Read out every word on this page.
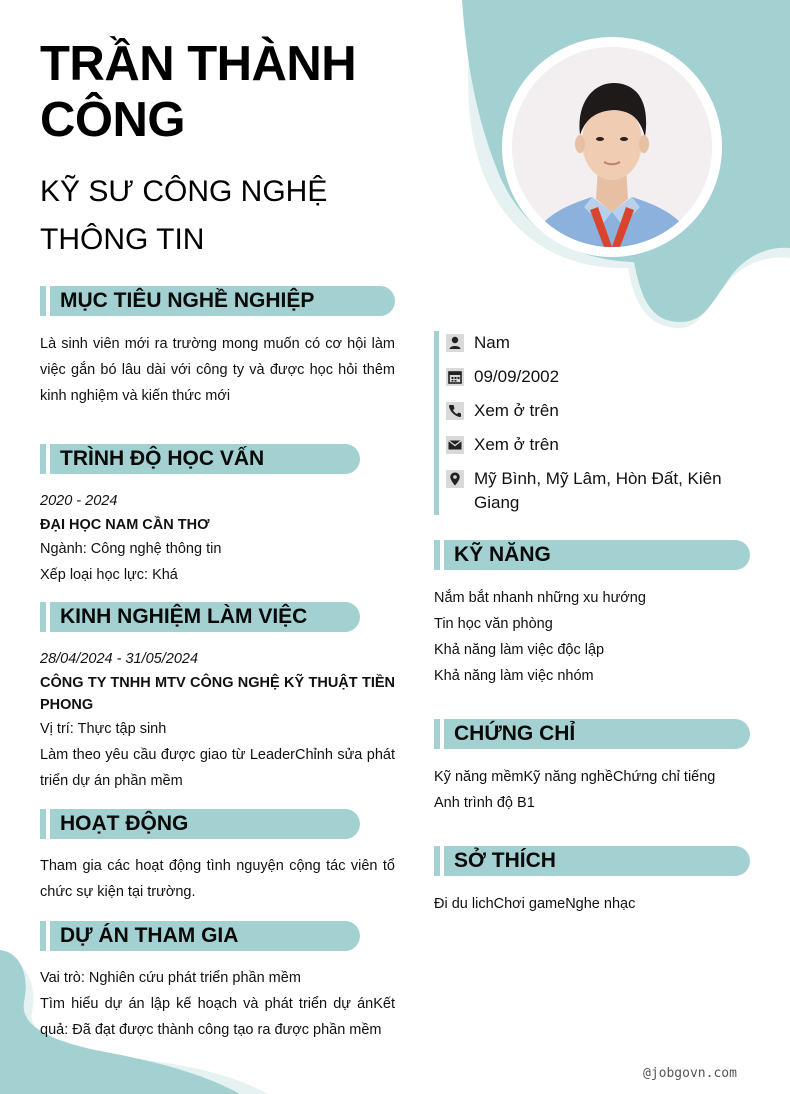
TRẦN THÀNH
CÔNG
KỸ SƯ CÔNG NGHỆ
THÔNG TIN
MỤC TIÊU NGHỀ NGHIỆP
Là sinh viên mới ra trường mong muốn có cơ hội làm việc gắn bó lâu dài với công ty và được học hỏi thêm kinh nghiệm và kiến thức mới
TRÌNH ĐỘ HỌC VẤN
2020 - 2024
ĐẠI HỌC NAM CẦN THƠ
Ngành: Công nghệ thông tin
Xếp loại học lực: Khá
KINH NGHIỆM LÀM VIỆC
28/04/2024 - 31/05/2024
CÔNG TY TNHH MTV CÔNG NGHỆ KỸ THUẬT TIỀN PHONG
Vị trí: Thực tập sinh
Làm theo yêu cầu được giao từ LeaderChỉnh sửa phát triển dự án phần mềm
HOẠT ĐỘNG
Tham gia các hoạt động tình nguyện cộng tác viên tổ chức sự kiện tại trường.
DỰ ÁN THAM GIA
Vai trò: Nghiên cứu phát triển phần mềm
Tìm hiểu dự án lập kế hoạch và phát triển dự ánKết quả: Đã đạt được thành công tạo ra được phần mềm
Nam
09/09/2002
Xem ở trên
Xem ở trên
Mỹ Bình, Mỹ Lâm, Hòn Đất, Kiên Giang
KỸ NĂNG
Nắm bắt nhanh những xu hướng
Tin học văn phòng
Khả năng làm việc độc lập
Khả năng làm việc nhóm
CHỨNG CHỈ
Kỹ năng mềmKỹ năng nghềChứng chỉ tiếng Anh trình độ B1
SỞ THÍCH
Đi du lichChơi gameNghe nhạc
@jobgovn.com
